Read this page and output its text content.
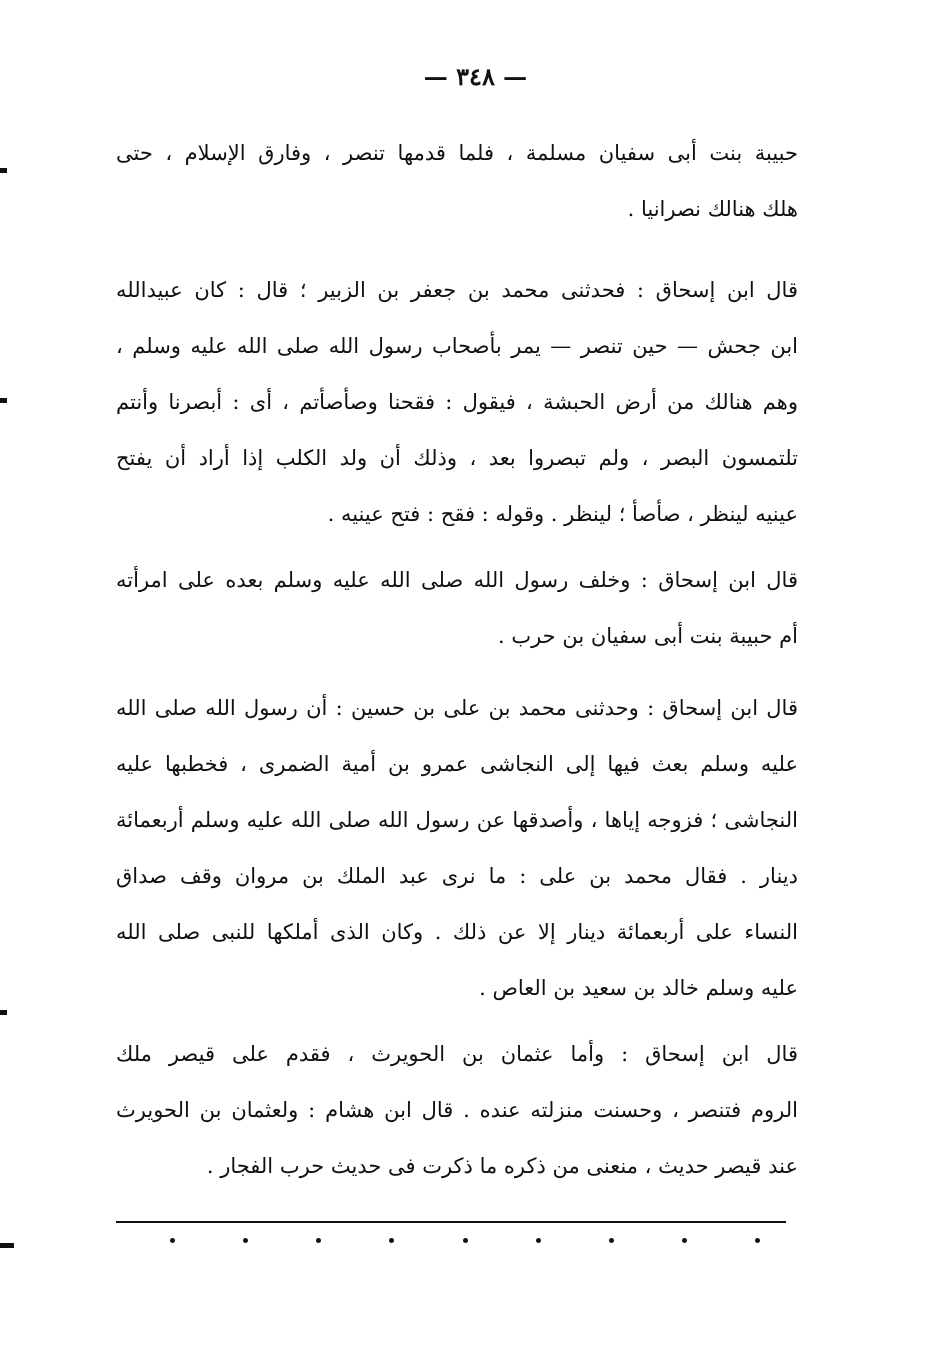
— ٣٤٨ —
حبيبة بنت أبى سفيان مسلمة ، فلما قدمها تنصر ، وفارق الإسلام ، حتى
هلك هنالك نصرانيا .
قال ابن إسحاق : فحدثنى محمد بن جعفر بن الزبير ؛ قال : كان عبيدالله
ابن جحش — حين تنصر — يمر بأصحاب رسول الله صلى الله عليه وسلم ،
وهم هنالك من أرض الحبشة ، فيقول : فقحنا وصأصأتم ، أى : أبصرنا وأنتم
تلتمسون البصر ، ولم تبصروا بعد ، وذلك أن ولد الكلب إذا أراد أن يفتح
عينيه لينظر ، صأصأ ؛ لينظر . وقوله : فقح : فتح عينيه .
قال ابن إسحاق : وخلف رسول الله صلى الله عليه وسلم بعده على امرأته
أم حبيبة بنت أبى سفيان بن حرب .
قال ابن إسحاق : وحدثنى محمد بن على بن حسين : أن رسول الله صلى الله
عليه وسلم بعث فيها إلى النجاشى عمرو بن أمية الضمرى ، فخطبها عليه
النجاشى ؛ فزوجه إياها ، وأصدقها عن رسول الله صلى الله عليه وسلم أربعمائة
دينار . فقال محمد بن على : ما نرى عبد الملك بن مروان وقف صداق
النساء على أربعمائة دينار إلا عن ذلك . وكان الذى أملكها للنبى صلى الله
عليه وسلم خالد بن سعيد بن العاص .
قال ابن إسحاق : وأما عثمان بن الحويرث ، فقدم على قيصر ملك
الروم فتنصر ، وحسنت منزلته عنده . قال ابن هشام : ولعثمان بن الحويرث
عند قيصر حديث ، منعنى من ذكره ما ذكرت فى حديث حرب الفجار .
